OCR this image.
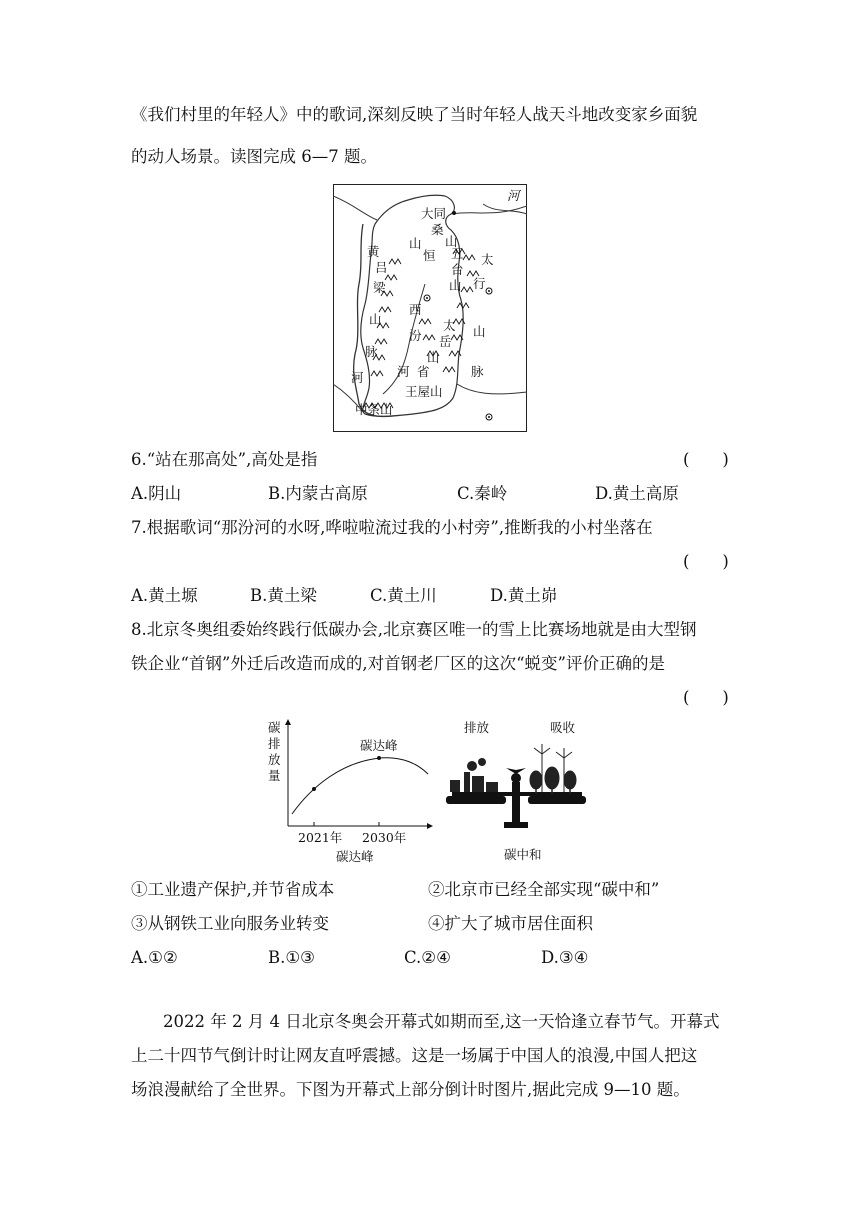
《我们村里的年轻人》中的歌词,深刻反映了当时年轻人战天斗地改变家乡面貌
的动人场景。读图完成 6—7 题。
大同
桑
河
黄
山
恒
山
五
台
山
太
行
吕
梁
西
山
脉
汾
太
岳
山
山
河	河 省	脉
王屋山
中条山
6.“站在那高处”,高处是指	(　　)
A.阴山	B.内蒙古高原	C.秦岭	D.黄土高原
7.根据歌词“那汾河的水呀,哗啦啦流过我的小村旁”,推断我的小村坐落在
(　　)
A.黄土塬	B.黄土梁	C.黄土川	D.黄土峁
8.北京冬奥组委始终践行低碳办会,北京赛区唯一的雪上比赛场地就是由大型钢
铁企业“首钢”外迁后改造而成的,对首钢老厂区的这次“蜕变”评价正确的是
(　　)
碳
排
放
量
碳达峰
2021年 2030年
碳达峰
排放	吸收
碳中和
①工业遗产保护,并节省成本	②北京市已经全部实现“碳中和”
③从钢铁工业向服务业转变	④扩大了城市居住面积
A.①②	B.①③	C.②④	D.③④
2022 年 2 月 4 日北京冬奥会开幕式如期而至,这一天恰逢立春节气。开幕式
上二十四节气倒计时让网友直呼震撼。这是一场属于中国人的浪漫,中国人把这
场浪漫献给了全世界。下图为开幕式上部分倒计时图片,据此完成 9—10 题。
